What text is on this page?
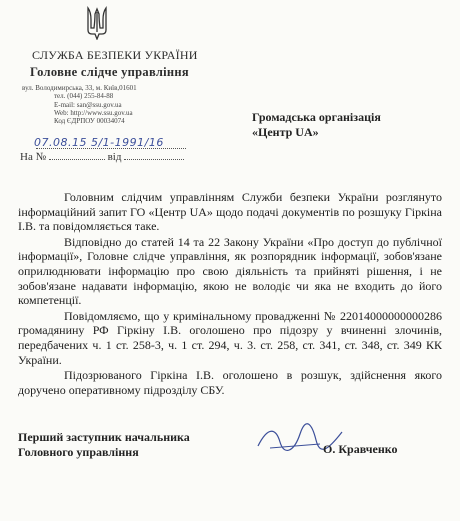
СЛУЖБА БЕЗПЕКИ УКРАЇНИ
Головне слідче управління
вул. Володимирська, 33, м. Київ,01601
тел. (044) 255-84-88
E-mail: san@ssu.gov.ua
Web: http://www.ssu.gov.ua
Код ЄДРПОУ 00034074
07.08.15 5/1-1991/16
На №	від
Громадська організація
«Центр UA»

Головним слідчим управлінням Служби безпеки України розглянуто інформаційний запит ГО «Центр UA» щодо подачі документів по розшуку Гіркіна І.В. та повідомляється таке.

Відповідно до статей 14 та 22 Закону України «Про доступ до публічної інформації», Головне слідче управління, як розпорядник інформації, зобов'язане оприлюднювати інформацію про свою діяльність та прийняті рішення, і не зобов'язане надавати інформацію, якою не володіє чи яка не входить до його компетенції.

Повідомляємо, що у кримінальному провадженні № 22014000000000286 громадянину РФ Гіркіну І.В. оголошено про підозру у вчиненні злочинів, передбачених ч. 1 ст. 258-3, ч. 1 ст. 294, ч. 3. ст. 258, ст. 341, ст. 348, ст. 349 КК України.

Підозрюваного Гіркіна І.В. оголошено в розшук, здійснення якого доручено оперативному підрозділу СБУ.

Перший заступник начальника
Головного управління	О. Кравченко
